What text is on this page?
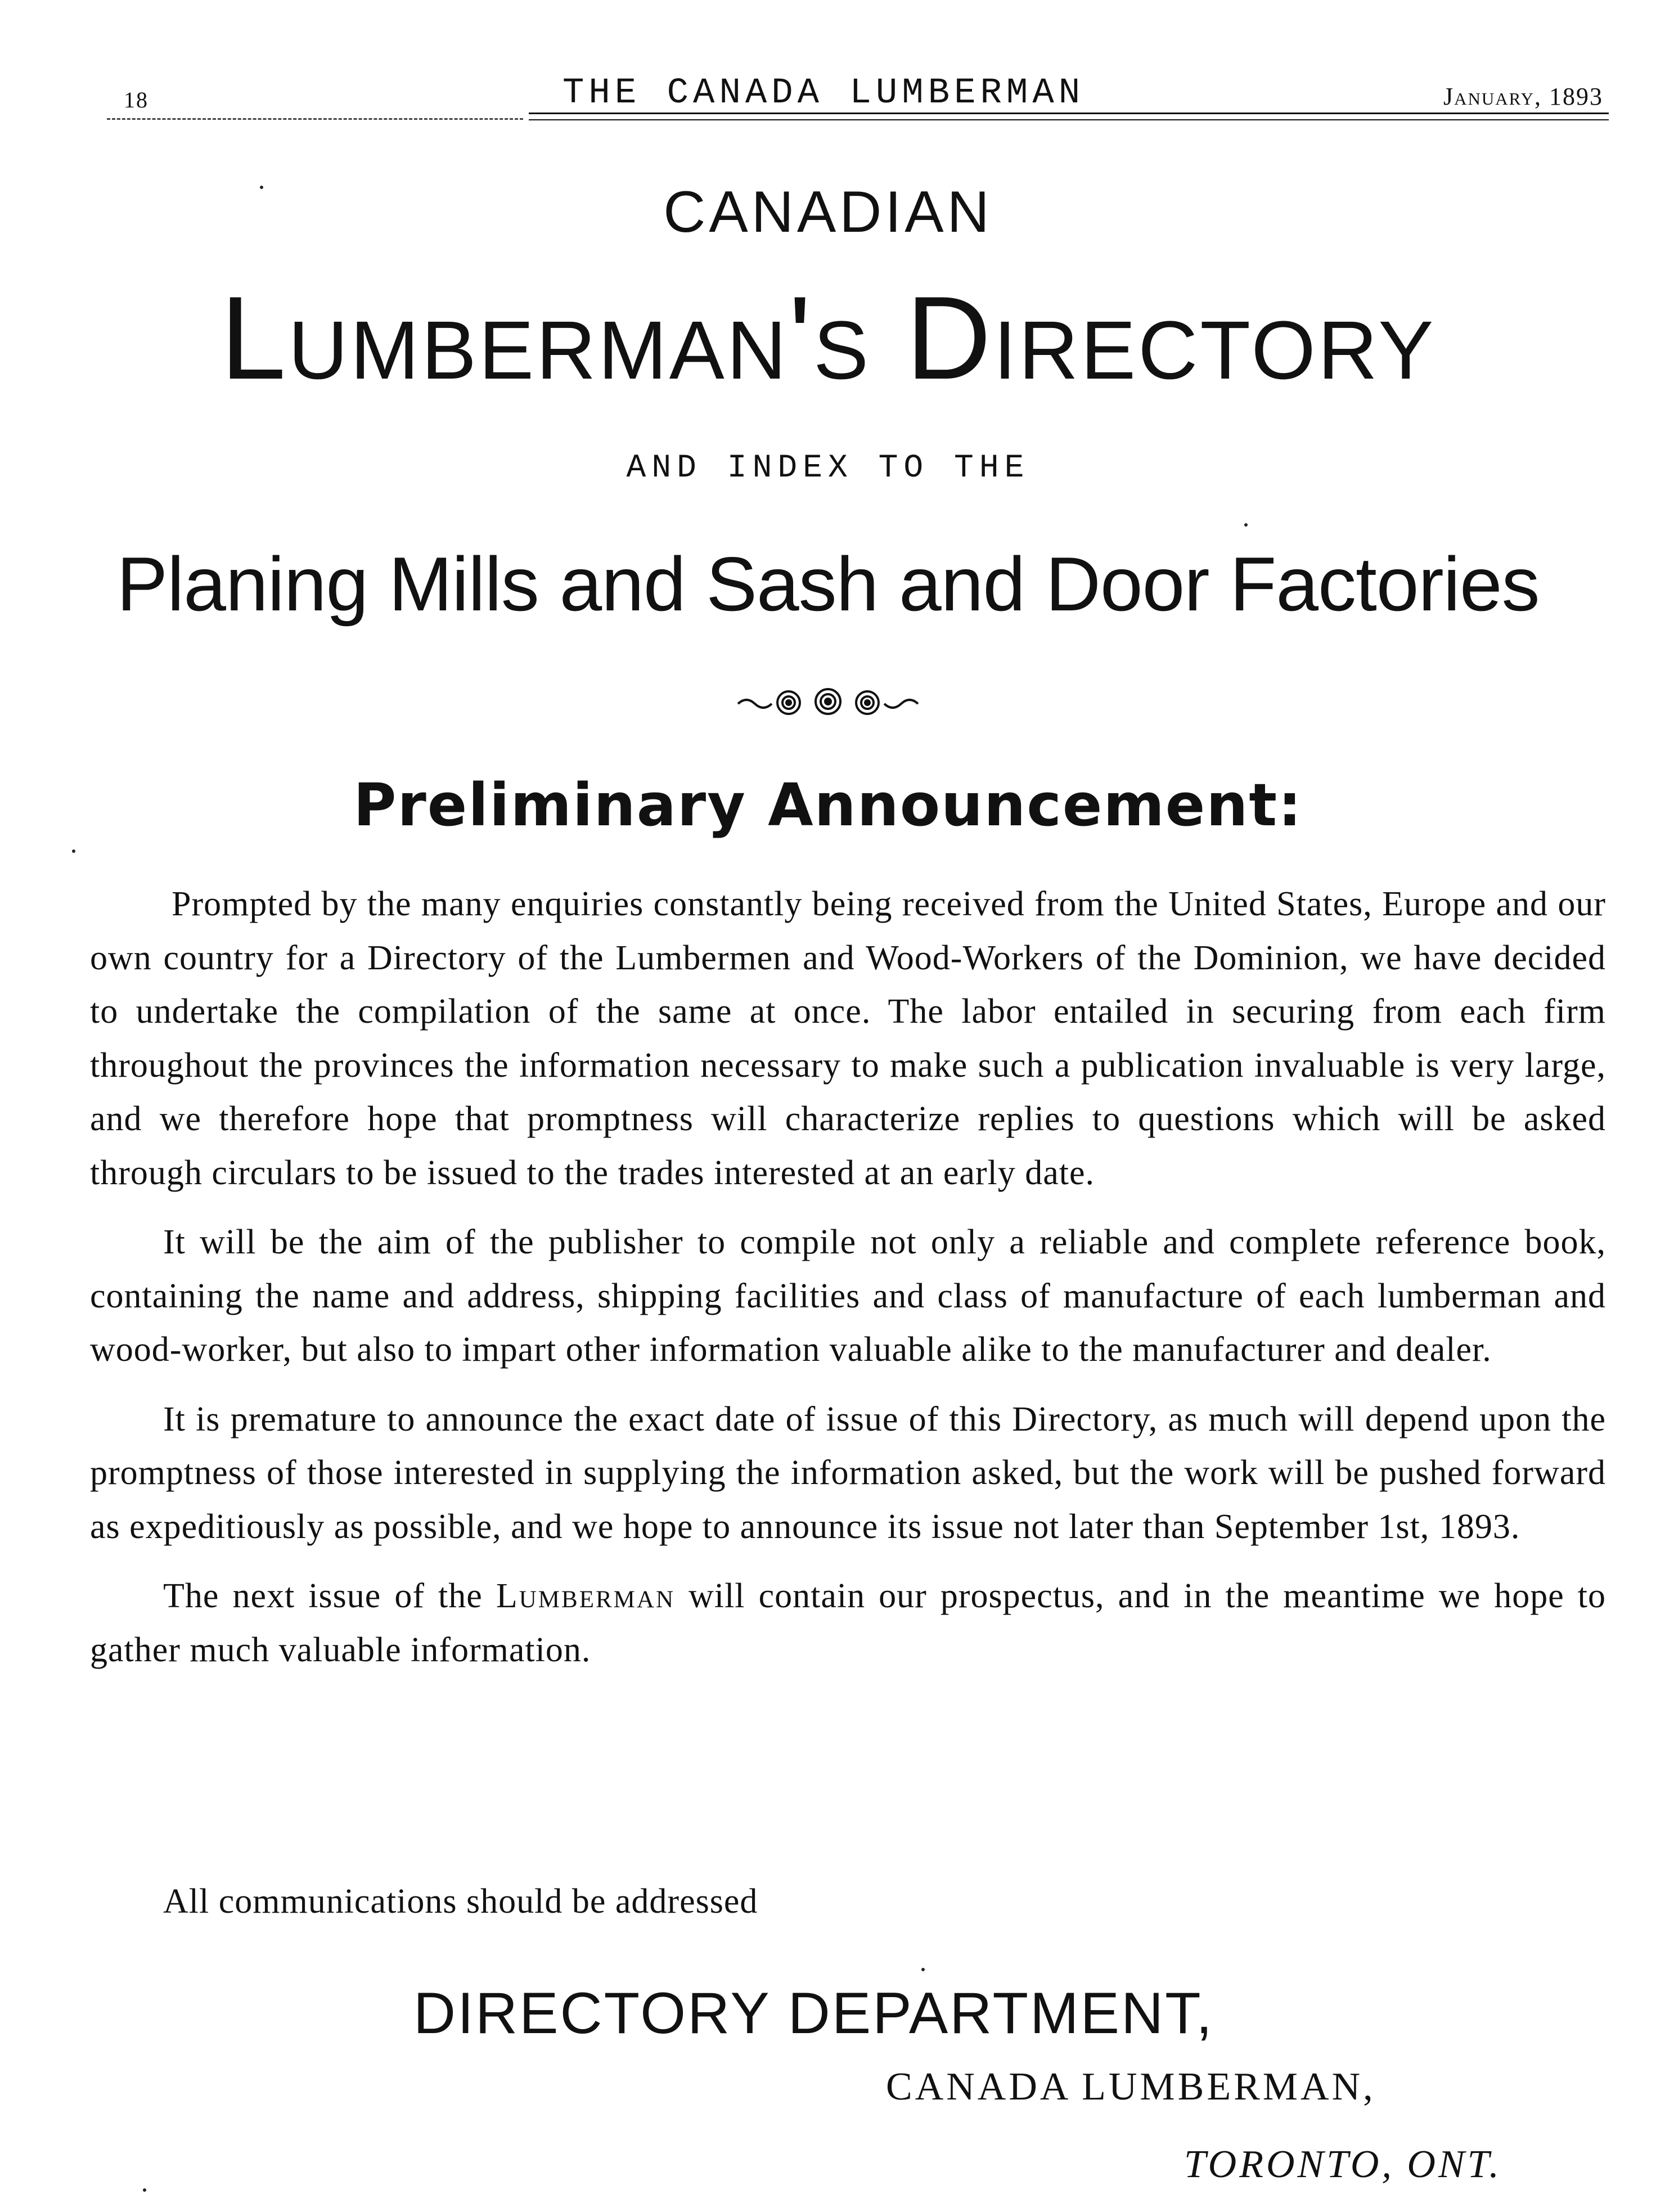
18	THE CANADA LUMBERMAN	January, 1893
CANADIAN
Lumberman's Directory
AND INDEX TO THE
Planing Mills and Sash and Door Factories
Preliminary Announcement:

Prompted by the many enquiries constantly being received from the United States, Europe and our own country for a Directory of the Lumbermen and Wood-Workers of the Dominion, we have decided to undertake the compilation of the same at once. The labor entailed in securing from each firm throughout the provinces the information necessary to make such a publication invaluable is very large, and we therefore hope that promptness will characterize replies to questions which will be asked through circulars to be issued to the trades interested at an early date.

It will be the aim of the publisher to compile not only a reliable and complete reference book, containing the name and address, shipping facilities and class of manufacture of each lumberman and wood-worker, but also to impart other information valuable alike to the manufacturer and dealer.

It is premature to announce the exact date of issue of this Directory, as much will depend upon the promptness of those interested in supplying the information asked, but the work will be pushed forward as expeditiously as possible, and we hope to announce its issue not later than September 1st, 1893.

The next issue of the Lumberman will contain our prospectus, and in the meantime we hope to gather much valuable information.

All communications should be addressed
DIRECTORY DEPARTMENT,
CANADA LUMBERMAN,
TORONTO, ONT.
